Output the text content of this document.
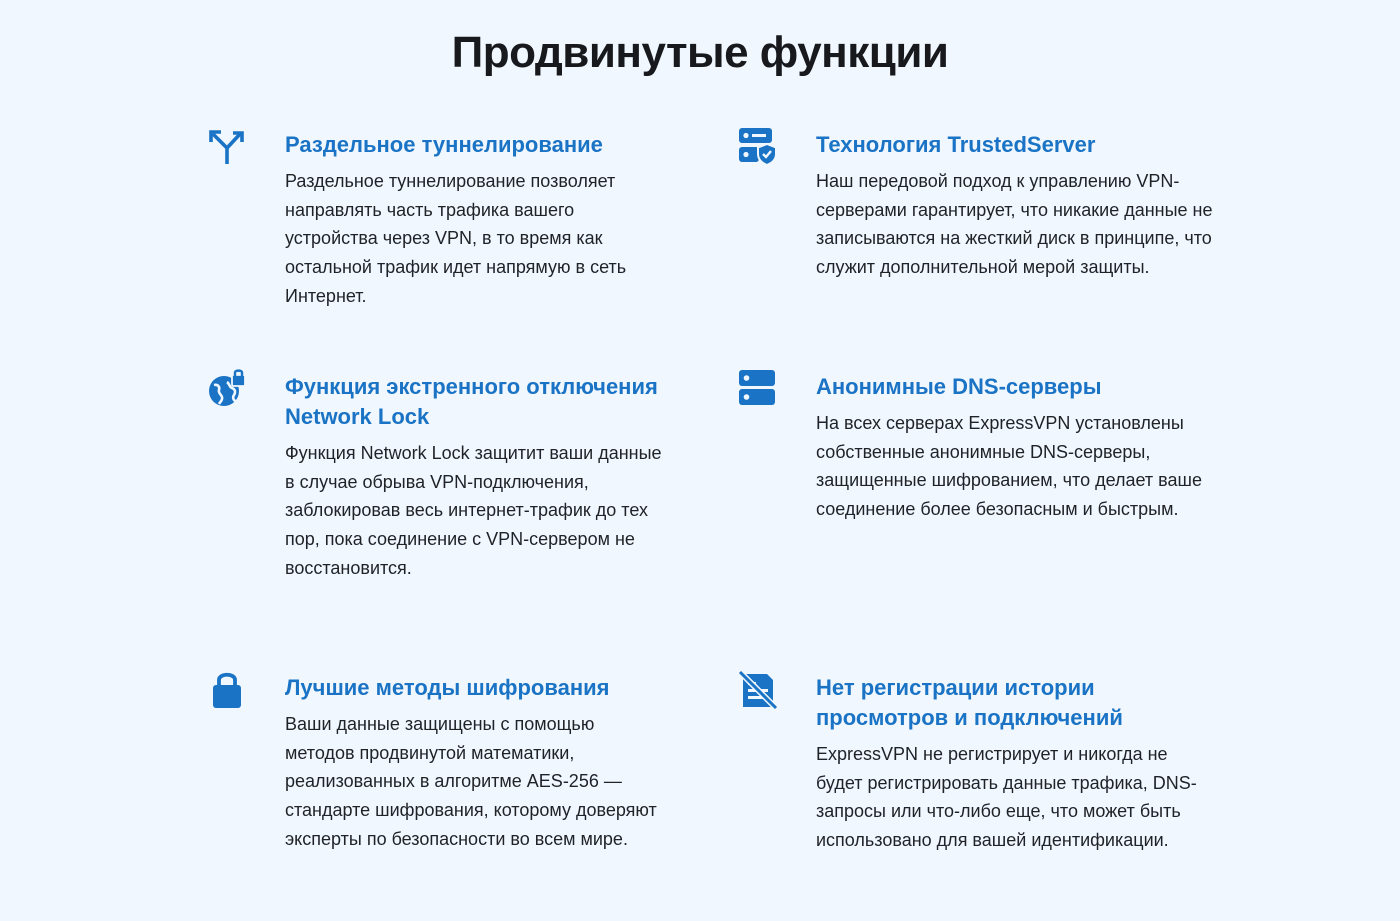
Продвинутые функции
Раздельное туннелирование

Раздельное туннелирование позволяет направлять часть трафика вашего устройства через VPN, в то время как остальной трафик идет напрямую в сеть Интернет.

Технология TrustedServer

Наш передовой подход к управлению VPN-серверами гарантирует, что никакие данные не записываются на жесткий диск в принципе, что служит дополнительной мерой защиты.

Функция экстренного отключения Network Lock

Функция Network Lock защитит ваши данные в случае обрыва VPN-подключения, заблокировав весь интернет-трафик до тех пор, пока соединение с VPN-сервером не восстановится.

Анонимные DNS-серверы

На всех серверах ExpressVPN установлены собственные анонимные DNS-серверы, защищенные шифрованием, что делает ваше соединение более безопасным и быстрым.

Лучшие методы шифрования

Ваши данные защищены с помощью методов продвинутой математики, реализованных в алгоритме AES-256 — стандарте шифрования, которому доверяют эксперты по безопасности во всем мире.

Нет регистрации истории просмотров и подключений

ExpressVPN не регистрирует и никогда не будет регистрировать данные трафика, DNS-запросы или что-либо еще, что может быть использовано для вашей идентификации.
